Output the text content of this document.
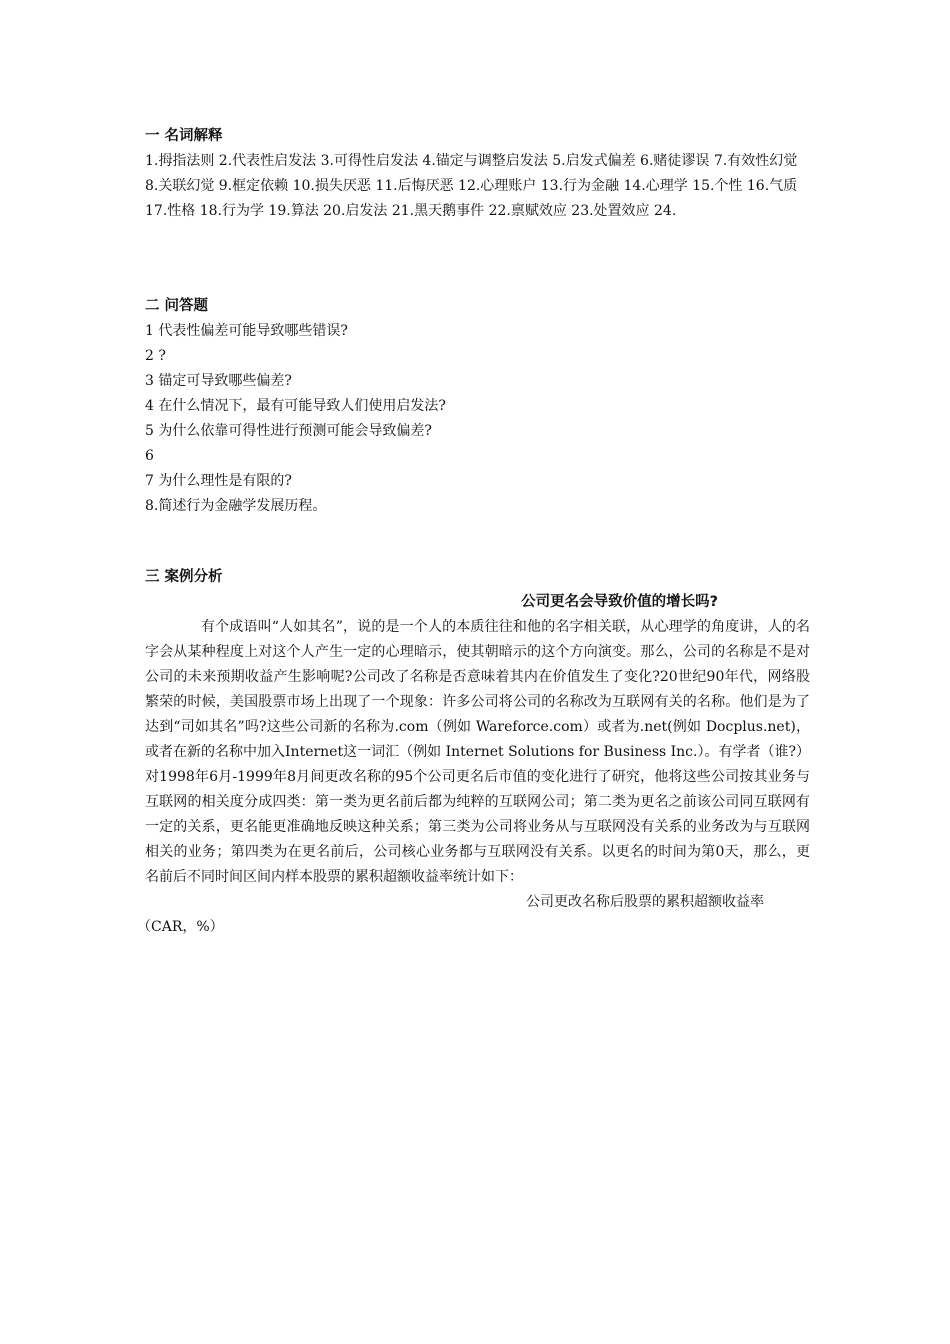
一 名词解释

1.拇指法则 2.代表性启发法 3.可得性启发法 4.锚定与调整启发法 5.启发式偏差 6.赌徒谬误 7.有效性幻觉 8.关联幻觉 9.框定依赖 10.损失厌恶 11.后悔厌恶 12.心理账户 13.行为金融 14.心理学 15.个性 16.气质 17.性格 18.行为学 19.算法 20.启发法 21.黑天鹅事件 22.禀赋效应 23.处置效应 24.

二 问答题

1 代表性偏差可能导致哪些错误?
2 ?
3 锚定可导致哪些偏差?
4 在什么情况下，最有可能导致人们使用启发法?
5 为什么依靠可得性进行预测可能会导致偏差?
6
7 为什么理性是有限的?
8.简述行为金融学发展历程。

三 案例分析

公司更名会导致价值的增长吗?

有个成语叫“人如其名”，说的是一个人的本质往往和他的名字相关联，从心理学的角度讲，人的名字会从某种程度上对这个人产生一定的心理暗示，使其朝暗示的这个方向演变。那么，公司的名称是不是对公司的未来预期收益产生影响呢?公司改了名称是否意味着其内在价值发生了变化?20世纪90年代，网络股繁荣的时候，美国股票市场上出现了一个现象：许多公司将公司的名称改为互联网有关的名称。他们是为了达到“司如其名”吗?这些公司新的名称为.com（例如 Wareforce.com）或者为.net(例如 Docplus.net)，或者在新的名称中加入Internet这一词汇（例如 Internet Solutions for Business Inc.）。有学者（谁?）对1998年6月-1999年8月间更改名称的95个公司更名后市值的变化进行了研究，他将这些公司按其业务与互联网的相关度分成四类：第一类为更名前后都为纯粹的互联网公司；第二类为更名之前该公司同互联网有一定的关系，更名能更准确地反映这种关系；第三类为公司将业务从与互联网没有关系的业务改为与互联网相关的业务；第四类为在更名前后，公司核心业务都与互联网没有关系。以更名的时间为第0天，那么，更名前后不同时间区间内样本股票的累积超额收益率统计如下：

公司更改名称后股票的累积超额收益率

（CAR，%）
